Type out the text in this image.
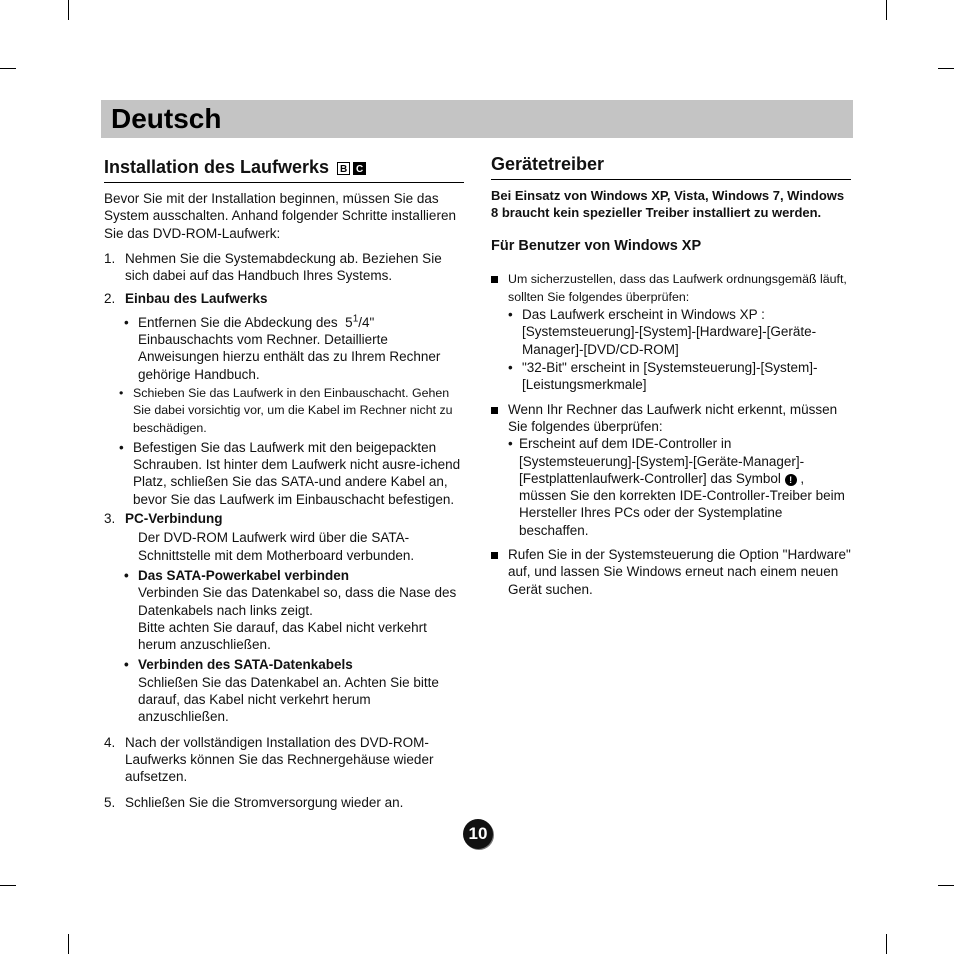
Deutsch
Installation des Laufwerks B C

Bevor Sie mit der Installation beginnen, müssen Sie das System ausschalten. Anhand folgender Schritte installieren Sie das DVD-ROM-Laufwerk:

1. Nehmen Sie die Systemabdeckung ab. Beziehen Sie sich dabei auf das Handbuch Ihres Systems.
2. Einbau des Laufwerks
• Entfernen Sie die Abdeckung des $5^1/4$" Einbauschachts vom Rechner. Detaillierte Anweisungen hierzu enthält das zu Ihrem Rechner gehörige Handbuch.
• Schieben Sie das Laufwerk in den Einbauschacht. Gehen Sie dabei vorsichtig vor, um die Kabel im Rechner nicht zu beschädigen.
• Befestigen Sie das Laufwerk mit den beigepackten Schrauben. Ist hinter dem Laufwerk nicht ausre-ichend Platz, schließen Sie das SATA-und andere Kabel an, bevor Sie das Laufwerk im Einbauschacht befestigen.
3. PC-Verbindung

Der DVD-ROM Laufwerk wird über die SATA-Schnittstelle mit dem Motherboard verbunden.

• Das SATA-Powerkabel verbinden
Verbinden Sie das Datenkabel so, dass die Nase des Datenkabels nach links zeigt.
Bitte achten Sie darauf, das Kabel nicht verkehrt herum anzuschließen.
• Verbinden des SATA-Datenkabels
Schließen Sie das Datenkabel an. Achten Sie bitte darauf, das Kabel nicht verkehrt herum anzuschließen.
4. Nach der vollständigen Installation des DVD-ROM-Laufwerks können Sie das Rechnergehäuse wieder aufsetzen.
5. Schließen Sie die Stromversorgung wieder an.
Gerätetreiber

Bei Einsatz von Windows XP, Vista, Windows 7, Windows 8 braucht kein spezieller Treiber installiert zu werden.

Für Benutzer von Windows XP
Um sicherzustellen, dass das Laufwerk ordnungsgemäß läuft, sollten Sie folgendes überprüfen:
• Das Laufwerk erscheint in Windows XP : [Systemsteuerung]-[System]-[Hardware]-[Geräte-Manager]-[DVD/CD-ROM]
• "32-Bit" erscheint in [Systemsteuerung]-[System]-[Leistungsmerkmale]
Wenn Ihr Rechner das Laufwerk nicht erkennt, müssen Sie folgendes überprüfen:
• Erscheint auf dem IDE-Controller in [Systemsteuerung]-[System]-[Geräte-Manager]-[Festplattenlaufwerk-Controller] das Symbol ! , müssen Sie den korrekten IDE-Controller-Treiber beim Hersteller Ihres PCs oder der Systemplatine beschaffen.
Rufen Sie in der Systemsteuerung die Option "Hardware" auf, und lassen Sie Windows erneut nach einem neuen Gerät suchen.
10
